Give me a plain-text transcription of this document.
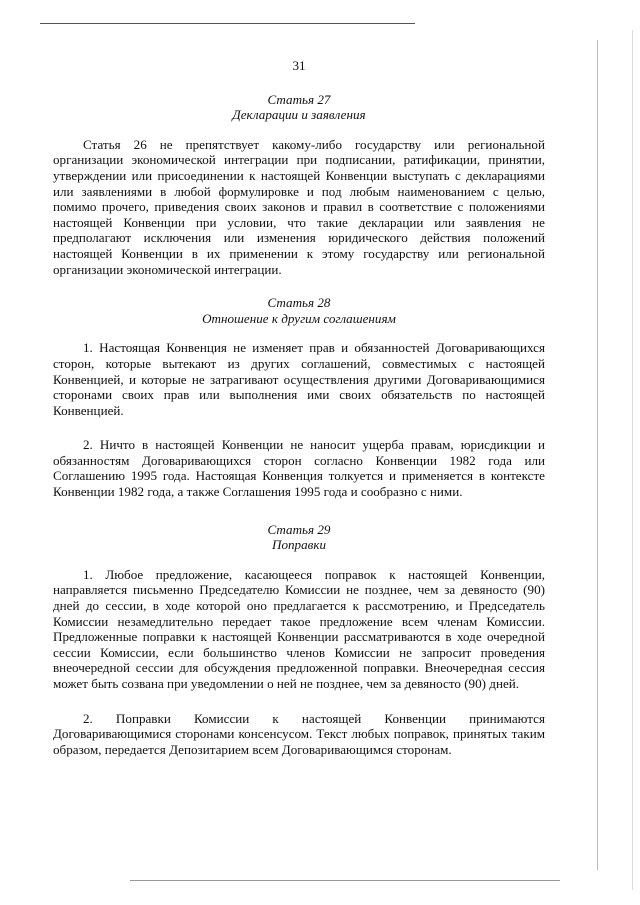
31
Статья 27
Декларации и заявления

Статья 26 не препятствует какому-либо государству или региональной организации экономической интеграции при подписании, ратификации, принятии, утверждении или присоединении к настоящей Конвенции выступать с декларациями или заявлениями в любой формулировке и под любым наименованием с целью, помимо прочего, приведения своих законов и правил в соответствие с положениями настоящей Конвенции при условии, что такие декларации или заявления не предполагают исключения или изменения юридического действия положений настоящей Конвенции в их применении к этому государству или региональной организации экономической интеграции.

Статья 28
Отношение к другим соглашениям

1. Настоящая Конвенция не изменяет прав и обязанностей Договаривающихся сторон, которые вытекают из других соглашений, совместимых с настоящей Конвенцией, и которые не затрагивают осуществления другими Договаривающимися сторонами своих прав или выполнения ими своих обязательств по настоящей Конвенцией.

2. Ничто в настоящей Конвенции не наносит ущерба правам, юрисдикции и обязанностям Договаривающихся сторон согласно Конвенции 1982 года или Соглашению 1995 года. Настоящая Конвенция толкуется и применяется в контексте Конвенции 1982 года, а также Соглашения 1995 года и сообразно с ними.

Статья 29
Поправки

1. Любое предложение, касающееся поправок к настоящей Конвенции, направляется письменно Председателю Комиссии не позднее, чем за девяносто (90) дней до сессии, в ходе которой оно предлагается к рассмотрению, и Председатель Комиссии незамедлительно передает такое предложение всем членам Комиссии. Предложенные поправки к настоящей Конвенции рассматриваются в ходе очередной сессии Комиссии, если большинство членов Комиссии не запросит проведения внеочередной сессии для обсуждения предложенной поправки. Внеочередная сессия может быть созвана при уведомлении о ней не позднее, чем за девяносто (90) дней.

2. Поправки Комиссии к настоящей Конвенции принимаются Договаривающимися сторонами консенсусом. Текст любых поправок, принятых таким образом, передается Депозитарием всем Договаривающимся сторонам.
